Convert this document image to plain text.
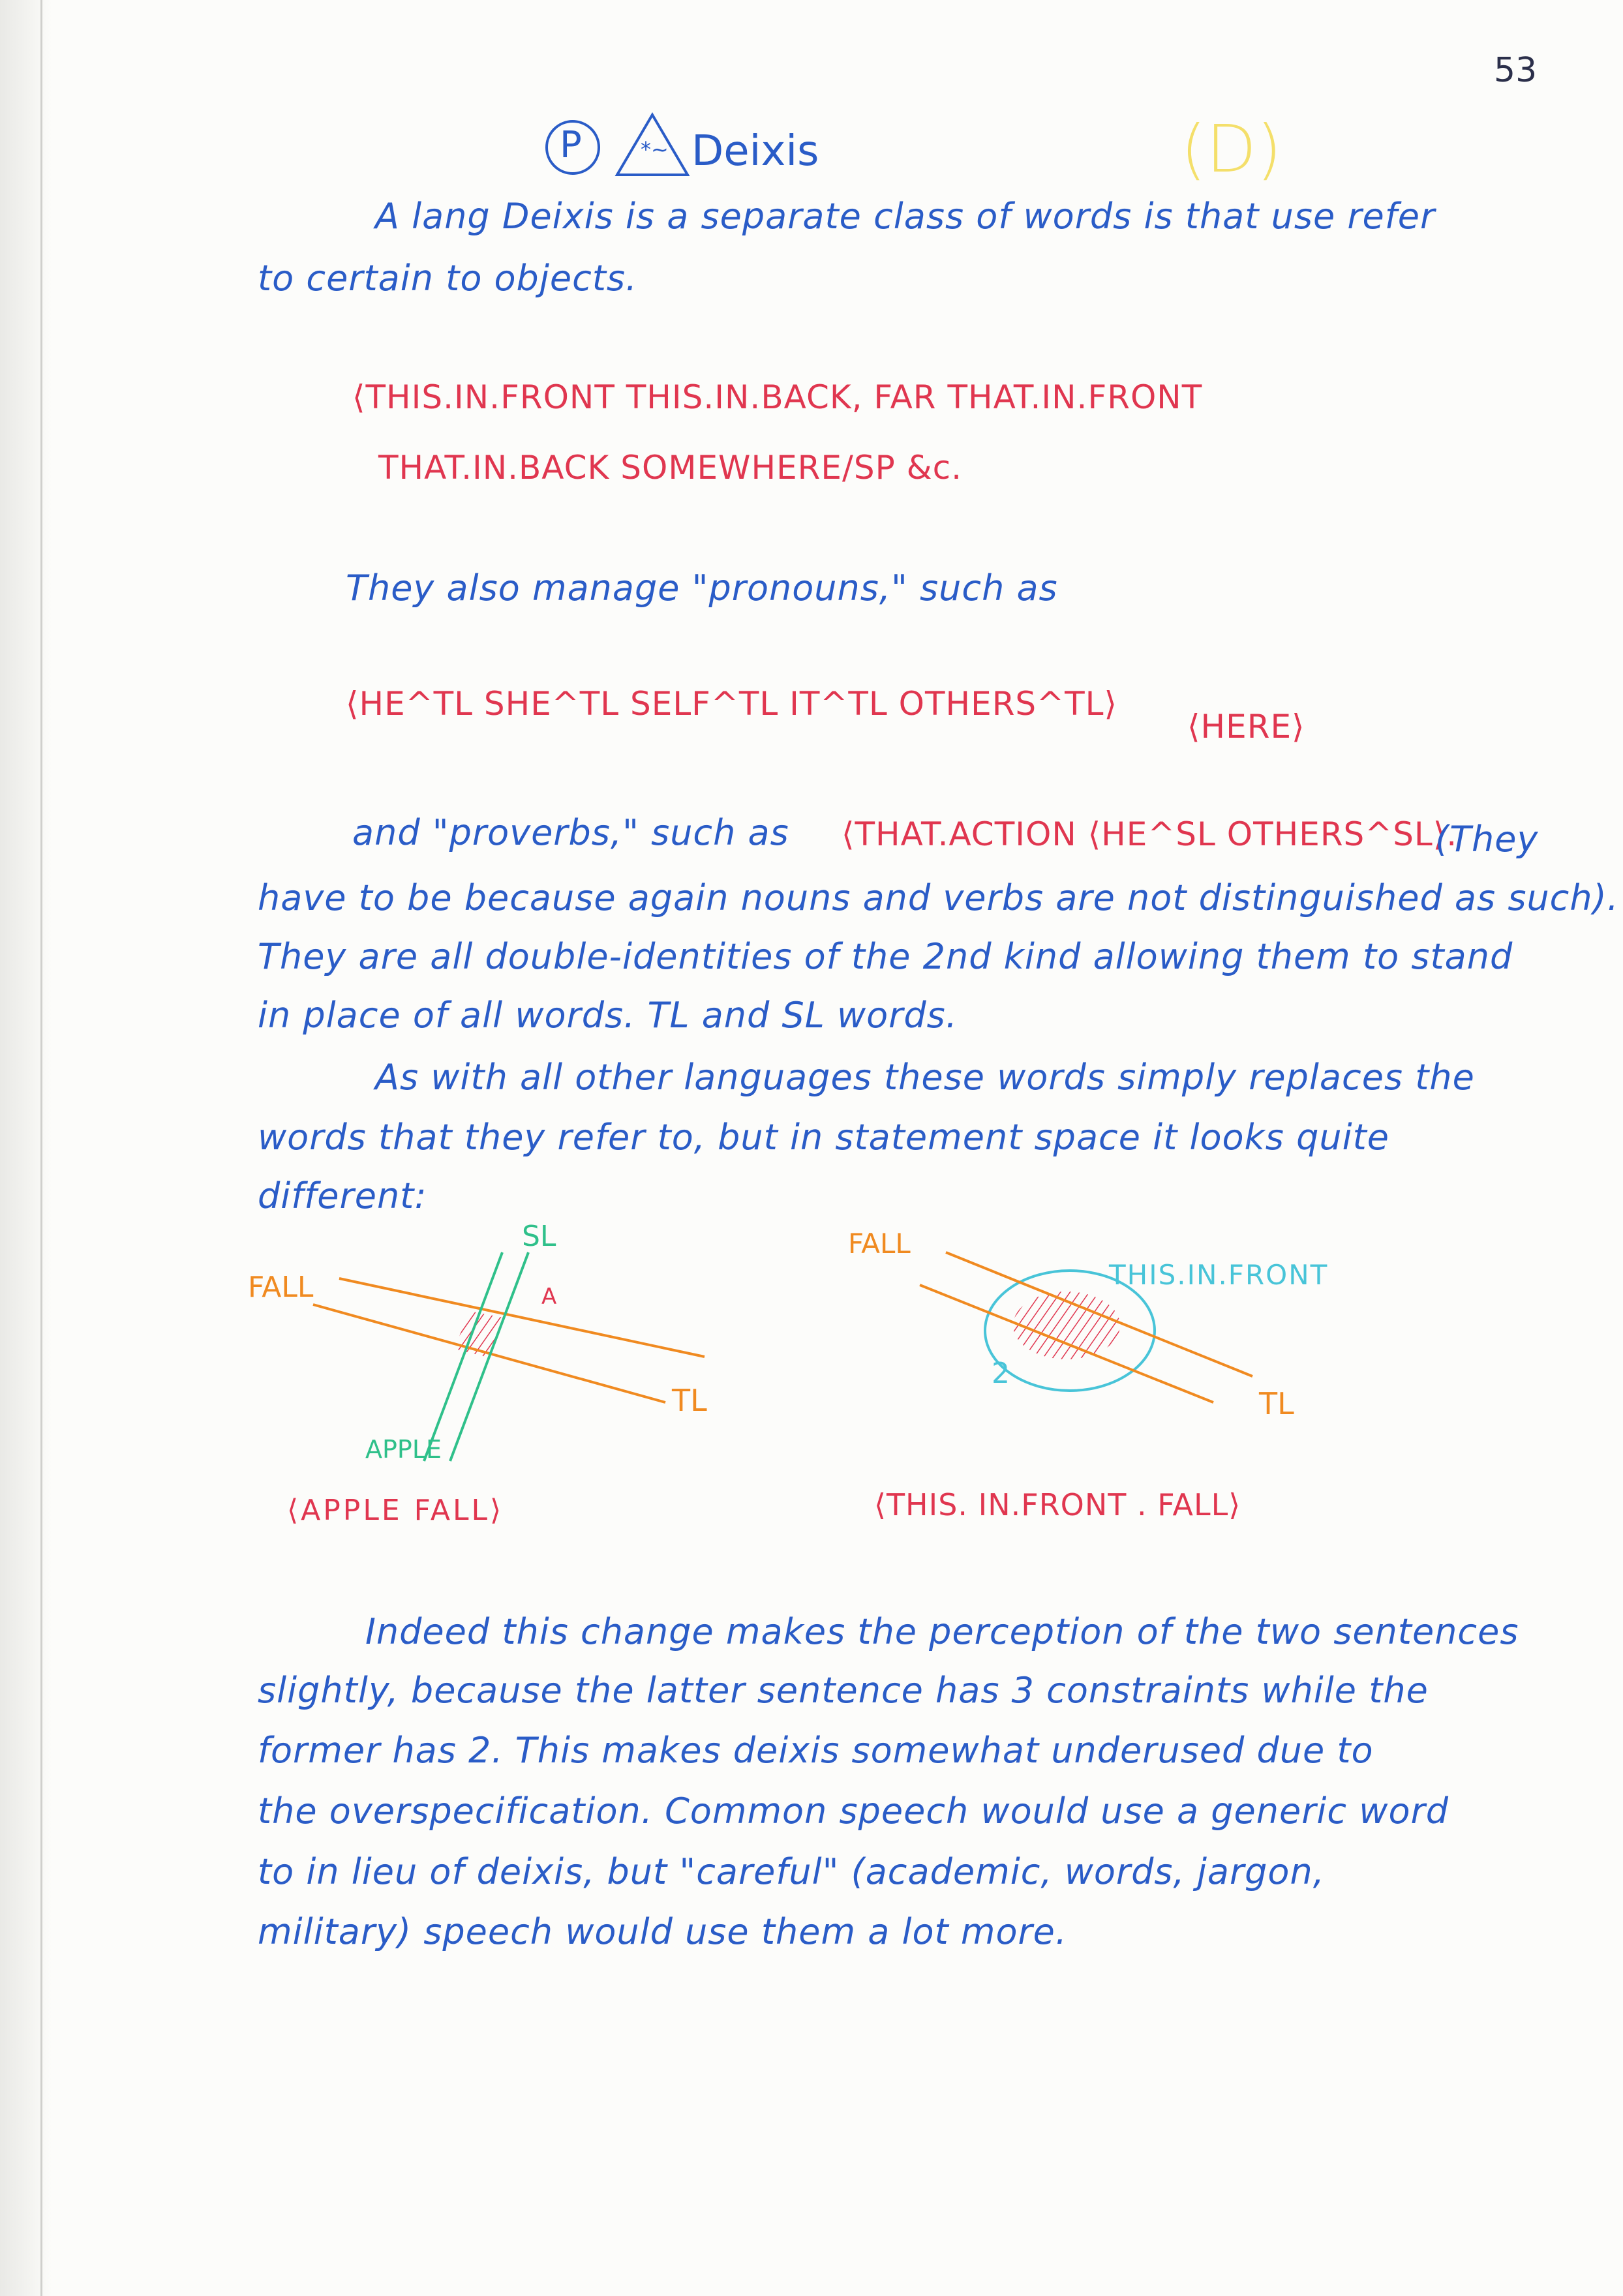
53
P	*~ Deixis	(D)
A lang Deixis is a separate class of words is that use refer
to certain to objects.
⟨THIS.IN.FRONT THIS.IN.BACK, FAR THAT.IN.FRONT
THAT.IN.BACK SOMEWHERE/SP &c.
They also manage "pronouns," such as
⟨HE^TL SHE^TL SELF^TL IT^TL OTHERS^TL⟩
⟨HERE⟩
and "proverbs," such as ⟨THAT.ACTION ⟨HE^SL OTHERS^SL⟩.
(They
have to be because again nouns and verbs are not distinguished as such).
They are all double-identities of the 2nd kind allowing them to stand
in place of all words. TL and SL words.
As with all other languages these words simply replaces the
words that they refer to, but in statement space it looks quite
different:
FALL
SL
A
TL
APPLE
⟨APPLE FALL⟩
FALL
THIS.IN.FRONT
2
TL
⟨THIS. IN.FRONT . FALL⟩
Indeed this change makes the perception of the two sentences
slightly, because the latter sentence has 3 constraints while the
former has 2. This makes deixis somewhat underused due to
the overspecification. Common speech would use a generic word
to in lieu of deixis, but "careful" (academic, words, jargon,
military) speech would use them a lot more.
